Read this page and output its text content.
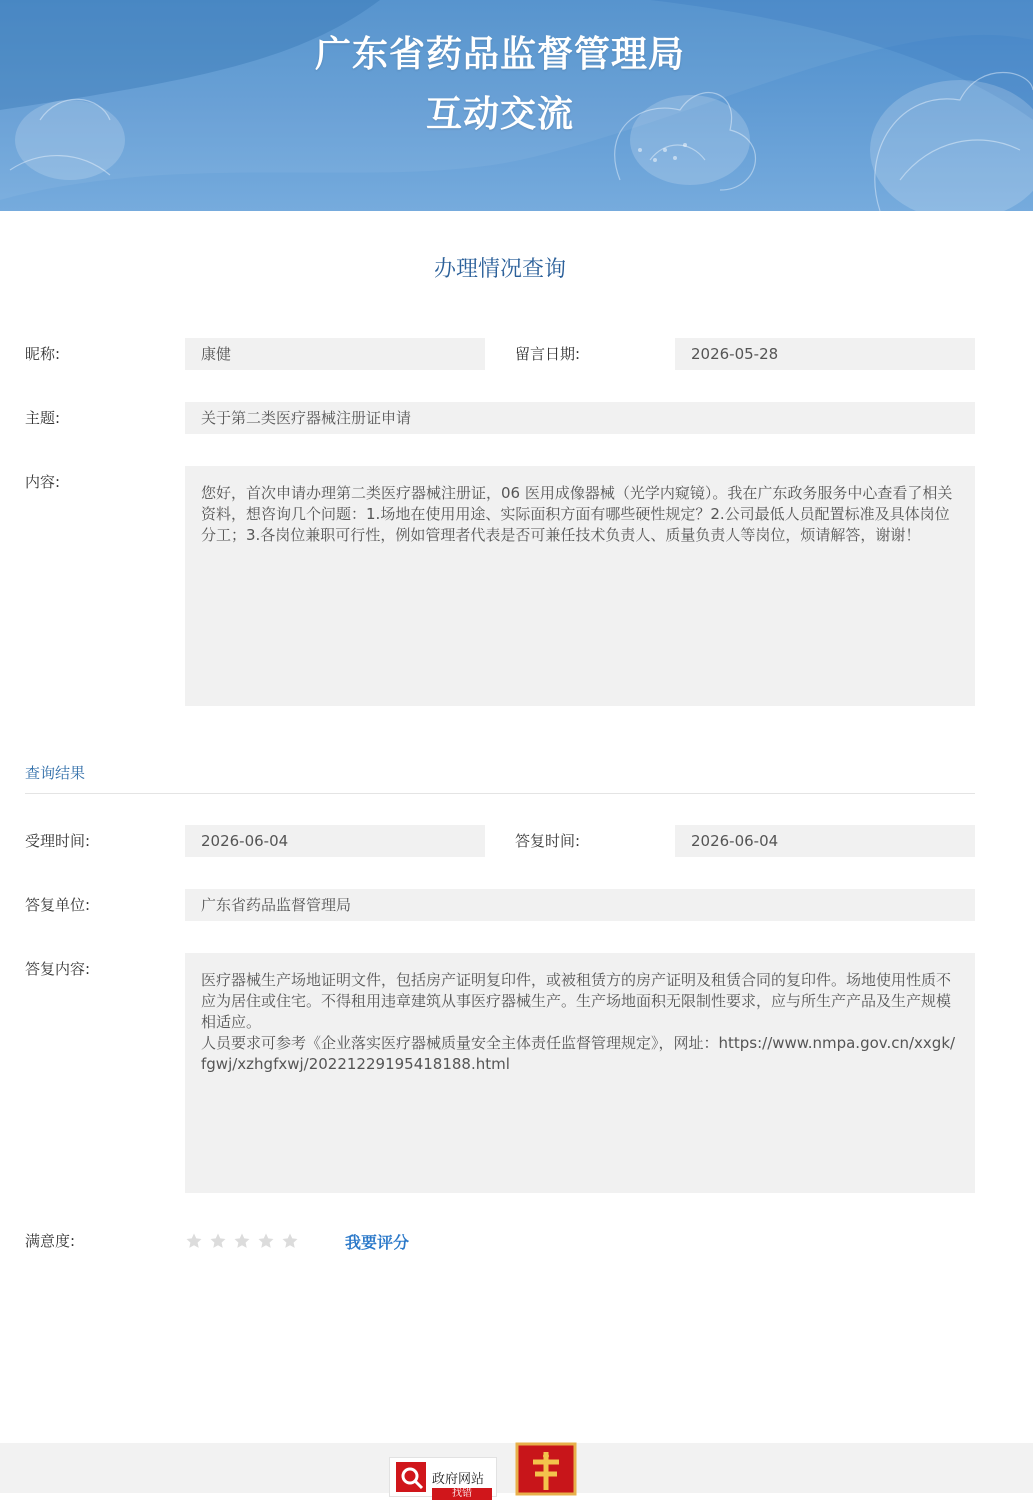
广东省药品监督管理局
互动交流
办理情况查询
昵称:	康健	留言日期:	2026-05-28
主题:	关于第二类医疗器械注册证申请
内容:
您好，首次申请办理第二类医疗器械注册证，06 医用成像器械（光学内窥镜）。我在广东政务服务中心查看了相关资料，想咨询几个问题：1.场地在使用用途、实际面积方面有哪些硬性规定？2.公司最低人员配置标准及具体岗位分工；3.各岗位兼职可行性，例如管理者代表是否可兼任技术负责人、质量负责人等岗位，烦请解答，谢谢！
查询结果
受理时间:	2026-06-04	答复时间:	2026-06-04
答复单位:	广东省药品监督管理局
答复内容:
医疗器械生产场地证明文件，包括房产证明复印件，或被租赁方的房产证明及租赁合同的复印件。场地使用性质不应为居住或住宅。不得租用违章建筑从事医疗器械生产。生产场地面积无限制性要求，应与所生产产品及生产规模相适应。
人员要求可参考《企业落实医疗器械质量安全主体责任监督管理规定》，网址：https://www.nmpa.gov.cn/xxgk/fgwj/xzhgfxwj/20221229195418188.html
满意度:	我要评分
政府网站
找错
